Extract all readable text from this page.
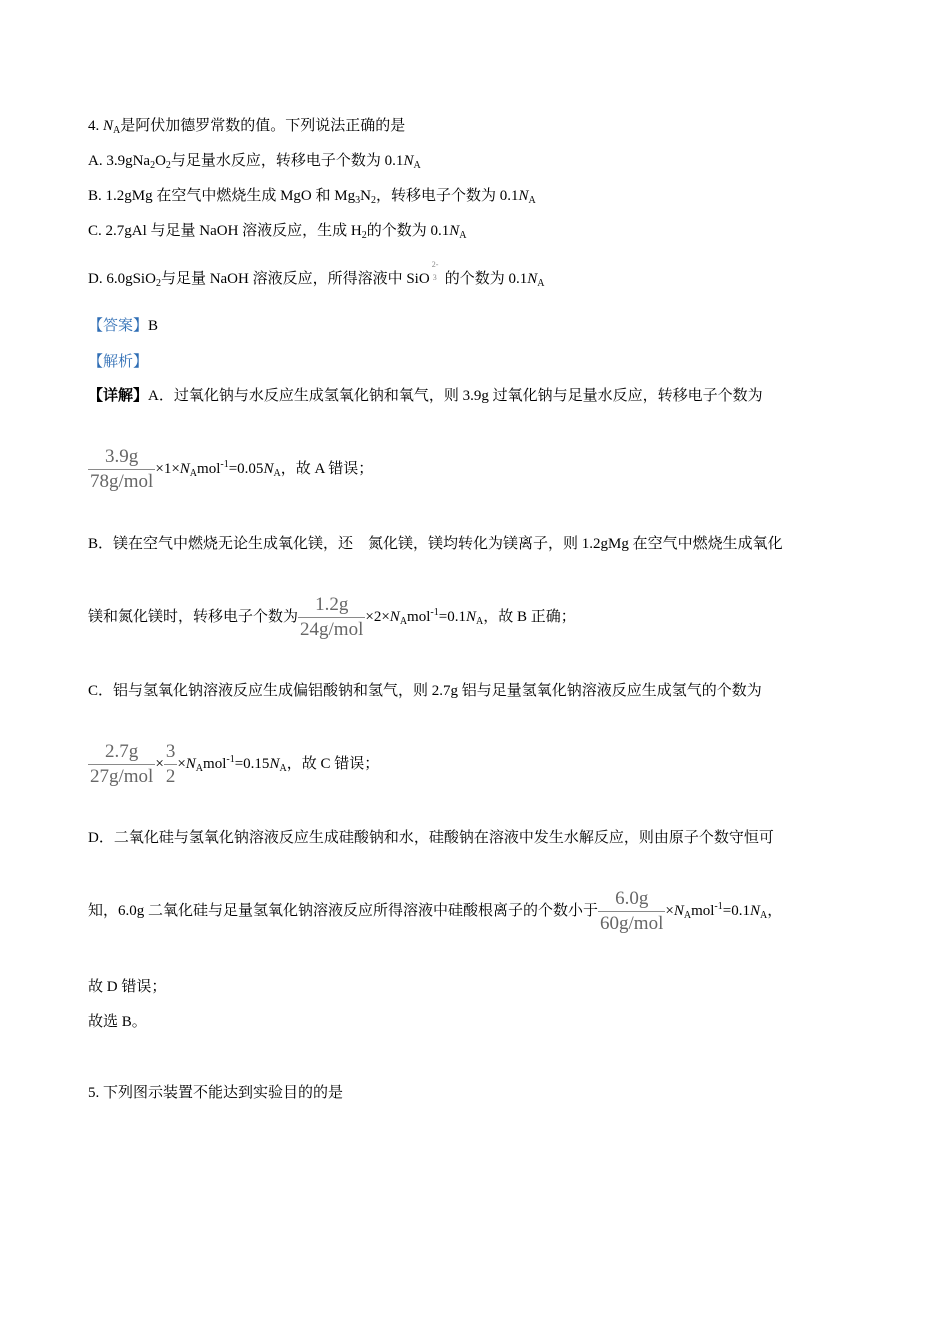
4. $N_A$是阿伏加德罗常数的值。下列说法正确的是
A. $3.9gNa_2O_2$与足量水反应，转移电子个数为 $0.1N_A$
B. 1.2gMg 在空气中燃烧生成 MgO 和 $Mg_3N_2$，转移电子个数为 $0.1N_A$
C. 2.7gAl 与足量 NaOH 溶液反应，生成 $H_2$的个数为 $0.1N_A$
D. 6.0gSiO$_2$与足量 NaOH 溶液反应，所得溶液中 SiO
2-
3 的个数为 $0.1N_A$
【答案】B
【解析】
【详解】A．过氧化钠与水反应生成氢氧化钠和氧气，则 3.9g 过氧化钠与足量水反应，转移电子个数为
$\frac{3.9g}{\text{78g/mol}} \times 1\times N_Amol^{-1}=0.05N_A$，故 A 错误；
B．镁在空气中燃烧无论生成氧化镁，还　氮化镁，镁均转化为镁离子，则 1.2gMg 在空气中燃烧生成氧化
镁和氮化镁时，转移电子个数为 $\frac{1.2g}{\text{24g/mol}} \times 2\times N_Amol^{-1}=0.1N_A$，故 B 正确；
C．铝与氢氧化钠溶液反应生成偏铝酸钠和氢气，则 2.7g 铝与足量氢氧化钠溶液反应生成氢气的个数为
$\frac{2.7g}{\text{27g/mol}} \times \frac{3}{2} \times N_Amol^{-1}=0.15N_A$，故 C 错误；
D．二氧化硅与氢氧化钠溶液反应生成硅酸钠和水，硅酸钠在溶液中发生水解反应，则由原子个数守恒可
知，6.0g 二氧化硅与足量氢氧化钠溶液反应所得溶液中硅酸根离子的个数小于 $\frac{6.0g}{\text{60g/mol}} \times N_Amol^{-1}=0.1N_A$，
故 D 错误；
故选 B。
5. 下列图示装置不能达到实验目的的是
